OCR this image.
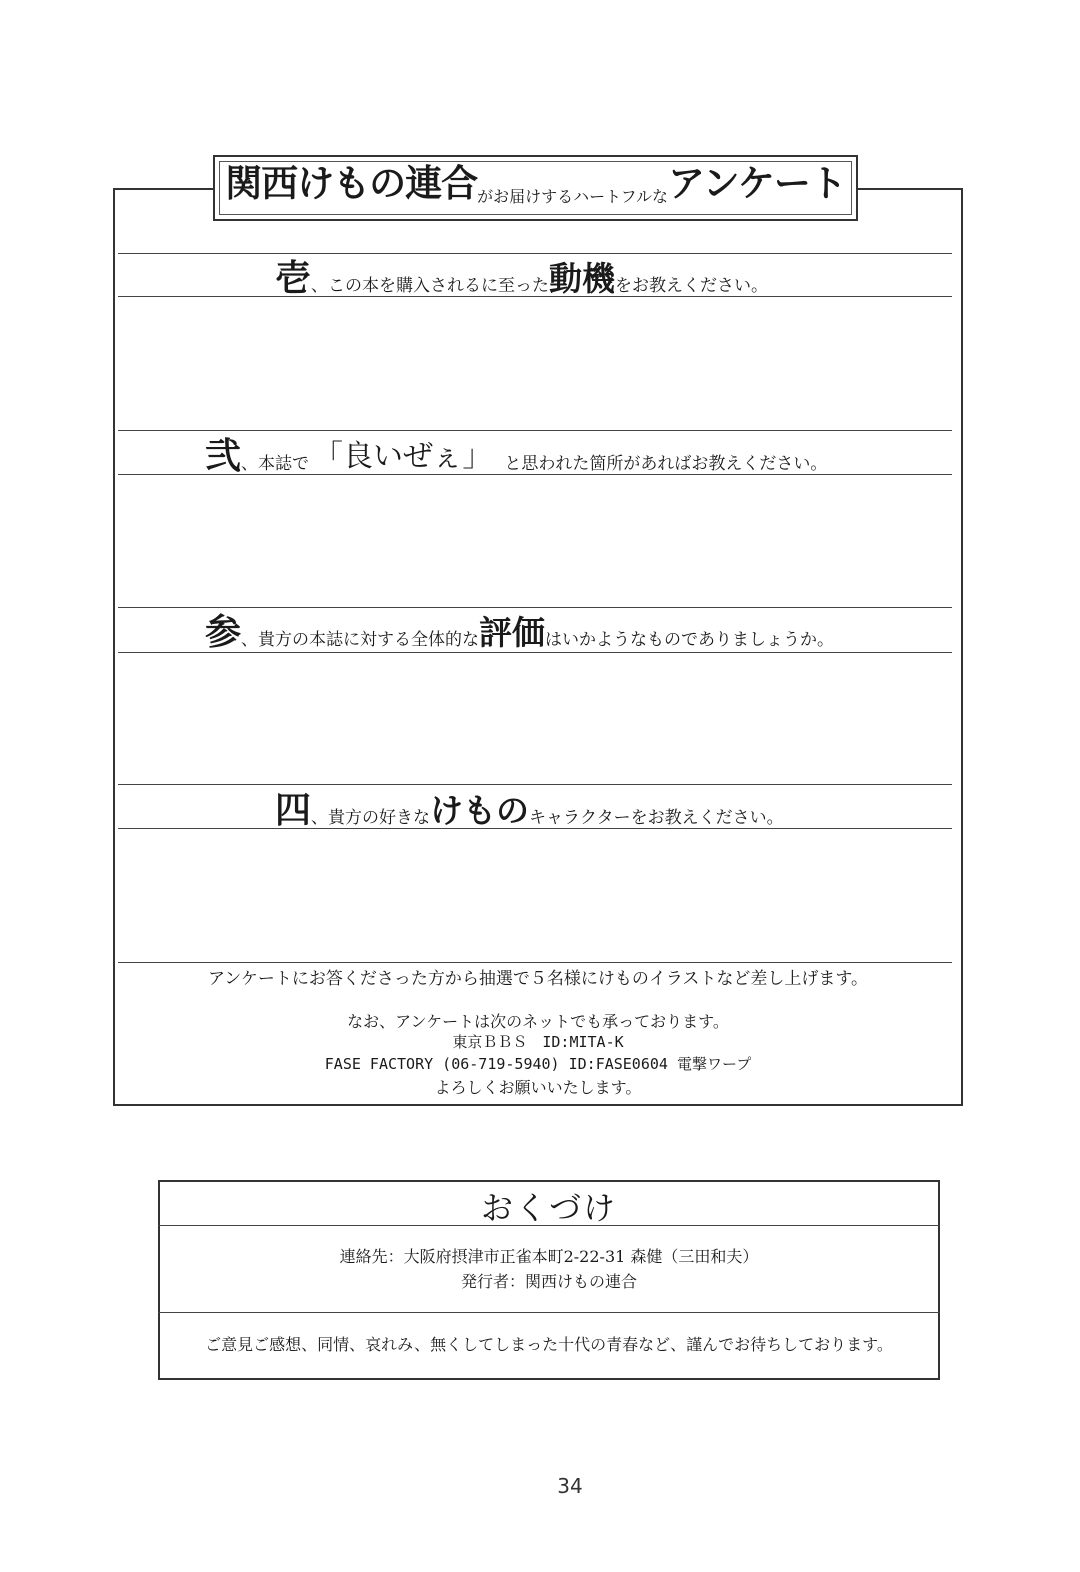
関西けもの連合 がお届けするハートフルな アンケート
壱 、 この本を購入されるに至った 動機 をお教えください。
弐 、 本誌で 「良いぜぇ」 と思われた箇所があればお教えください。
参 、 貴方の本誌に対する全体的な 評価 はいかようなものでありましょうか。
四 、 貴方の好きな けもの キャラクターをお教えください。
アンケートにお答くださった方から抽選で５名様にけものイラストなど差し上げます。
なお、アンケートは次のネットでも承っております。
東京ＢＢＳ　ID:MITA-K
FASE FACTORY (06-719-5940) ID:FASE0604 電撃ワープ
よろしくお願いいたします。
おくづけ
連絡先：大阪府摂津市正雀本町2-22-31 森健（三田和夫）
発行者：関西けもの連合
ご意見ご感想、同情、哀れみ、無くしてしまった十代の青春など、謹んでお待ちしております。
34
